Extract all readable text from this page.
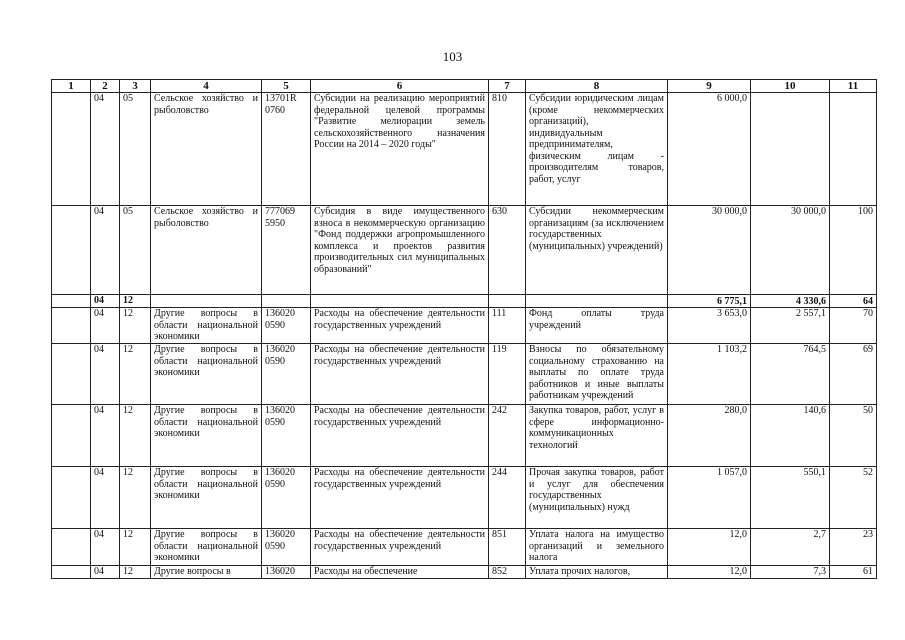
103
1	2	3	4	5	6	7	8	9	10	11
	04	05	Сельское хозяйство и рыболовство	13701R 0760	Субсидии на реализацию мероприятий федеральной целевой программы "Развитие мелиорации земель сельскохозяйственного назначения России на 2014 – 2020 годы"	810	Субсидии юридическим лицам (кроме некоммерческих организаций), индивидуальным предпринимателям, физическим лицам - производителям товаров, работ, услуг	6 000,0		
	04	05	Сельское хозяйство и рыболовство	777069 5950	Субсидия в виде имущественного взноса в некоммерческую организацию "Фонд поддержки агропромышленного комплекса и проектов развития производительных сил муниципальных образований"	630	Субсидии некоммерческим организациям (за исключением государственных (муниципальных) учреждений)	30 000,0	30 000,0	100
	04	12						6 775,1	4 330,6	64
	04	12	Другие вопросы в области национальной экономики	136020 0590	Расходы на обеспечение деятельности государственных учреждений	111	Фонд оплаты труда учреждений	3 653,0	2 557,1	70
	04	12	Другие вопросы в области национальной экономики	136020 0590	Расходы на обеспечение деятельности государственных учреждений	119	Взносы по обязательному социальному страхованию на выплаты по оплате труда работников и иные выплаты работникам учреждений	1 103,2	764,5	69
	04	12	Другие вопросы в области национальной экономики	136020 0590	Расходы на обеспечение деятельности государственных учреждений	242	Закупка товаров, работ, услуг в сфере информационно-коммуникационных технологий	280,0	140,6	50
	04	12	Другие вопросы в области национальной экономики	136020 0590	Расходы на обеспечение деятельности государственных учреждений	244	Прочая закупка товаров, работ и услуг для обеспечения государственных (муниципальных) нужд	1 057,0	550,1	52
	04	12	Другие вопросы в области национальной экономики	136020 0590	Расходы на обеспечение деятельности государственных учреждений	851	Уплата налога на имущество организаций и земельного налога	12,0	2,7	23
	04	12	Другие вопросы в	136020	Расходы на обеспечение	852	Уплата прочих налогов,	12,0	7,3	61
